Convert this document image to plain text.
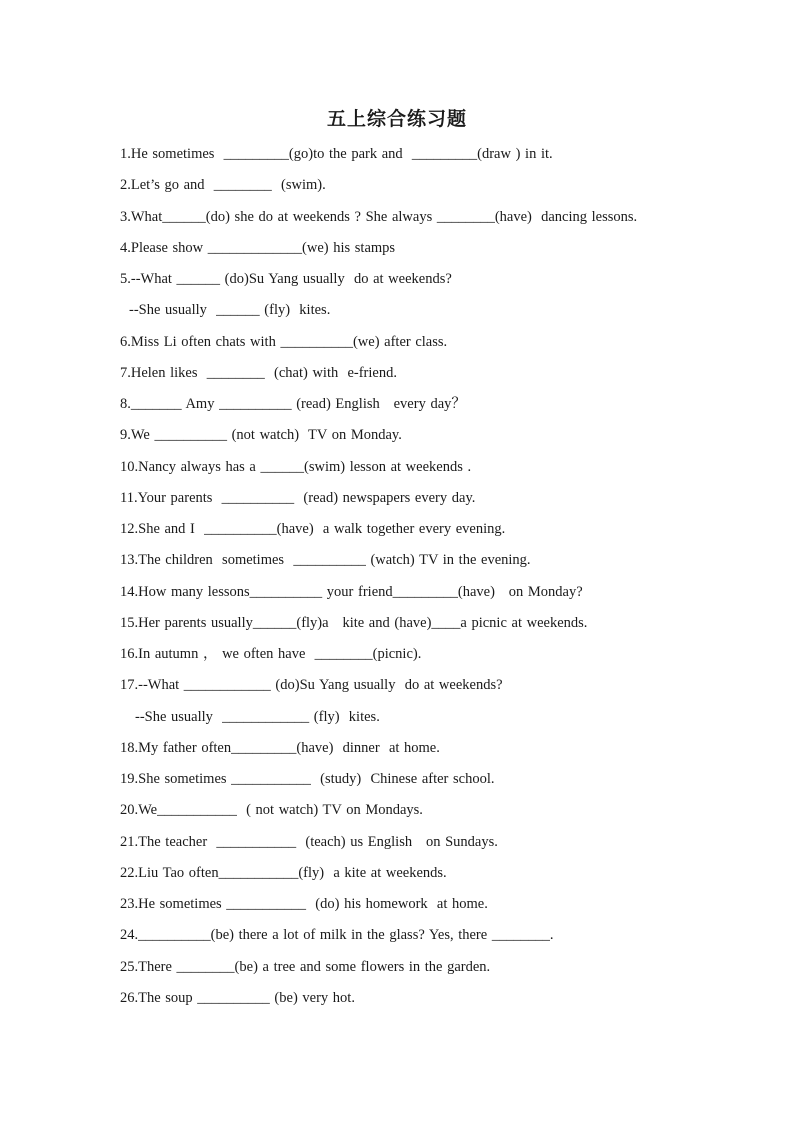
五上综合练习题
1.He sometimes  _________(go)to the park and  _________(draw ) in it.
2.Let’s go and  ________  (swim).
3.What______(do) she do at weekends ? She always ________(have)  dancing lessons.
4.Please show _____________(we) his stamps
5.--What ______ (do)Su Yang usually  do at weekends?
--She usually  ______ (fly)  kites.
6.Miss Li often chats with __________(we) after class.
7.Helen likes  ________  (chat) with  e-friend.
8._______ Amy __________ (read) English   every day？
9.We __________ (not watch)  TV on Monday.
10.Nancy always has a ______(swim) lesson at weekends .
11.Your parents  __________  (read) newspapers every day.
12.She and I  __________(have)  a walk together every evening.
13.The children  sometimes  __________ (watch) TV in the evening.
14.How many lessons__________ your friend_________(have)   on Monday?
15.Her parents usually______(fly)a   kite and (have)____a picnic at weekends.
16.In autumn ， we often have  ________(picnic).
17.--What ____________ (do)Su Yang usually  do at weekends?
--She usually  ____________ (fly)  kites.
18.My father often_________(have)  dinner  at home.
19.She sometimes ___________  (study)  Chinese after school.
20.We___________  ( not watch) TV on Mondays.
21.The teacher  ___________  (teach) us English   on Sundays.
22.Liu Tao often___________(fly)  a kite at weekends.
23.He sometimes ___________  (do) his homework  at home.
24.__________(be) there a lot of milk in the glass? Yes, there ________.
25.There ________(be) a tree and some flowers in the garden.
26.The soup __________ (be) very hot.
